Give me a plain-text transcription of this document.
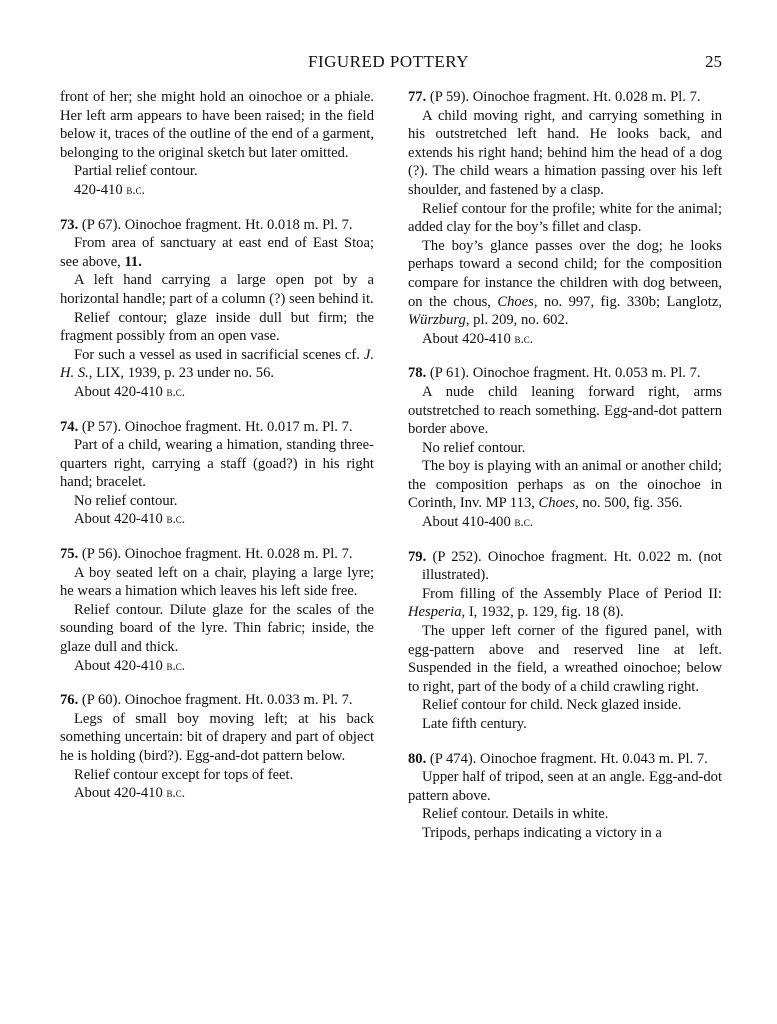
FIGURED POTTERY	25

front of her; she might hold an oinochoe or a phiale. Her left arm appears to have been raised; in the field below it, traces of the outline of the end of a garment, belonging to the original sketch but later omitted.

Partial relief contour.

420-410 b.c.

73. (P 67). Oinochoe fragment. Ht. 0.018 m. Pl. 7.

From area of sanctuary at east end of East Stoa; see above, 11.

A left hand carrying a large open pot by a horizontal handle; part of a column (?) seen behind it.

Relief contour; glaze inside dull but firm; the fragment possibly from an open vase.

For such a vessel as used in sacrificial scenes cf. J. H. S., LIX, 1939, p. 23 under no. 56.

About 420-410 b.c.

74. (P 57). Oinochoe fragment. Ht. 0.017 m. Pl. 7.

Part of a child, wearing a himation, standing three-quarters right, carrying a staff (goad?) in his right hand; bracelet.

No relief contour.

About 420-410 b.c.

75. (P 56). Oinochoe fragment. Ht. 0.028 m. Pl. 7.

A boy seated left on a chair, playing a large lyre; he wears a himation which leaves his left side free.

Relief contour. Dilute glaze for the scales of the sounding board of the lyre. Thin fabric; inside, the glaze dull and thick.

About 420-410 b.c.

76. (P 60). Oinochoe fragment. Ht. 0.033 m. Pl. 7.

Legs of small boy moving left; at his back something uncertain: bit of drapery and part of object he is holding (bird?). Egg-and-dot pattern below.

Relief contour except for tops of feet.

About 420-410 b.c.

77. (P 59). Oinochoe fragment. Ht. 0.028 m. Pl. 7.

A child moving right, and carrying something in his outstretched left hand. He looks back, and extends his right hand; behind him the head of a dog (?). The child wears a himation passing over his left shoulder, and fastened by a clasp.

Relief contour for the profile; white for the animal; added clay for the boy’s fillet and clasp.

The boy’s glance passes over the dog; he looks perhaps toward a second child; for the composition compare for instance the children with dog between, on the chous, Choes, no. 997, fig. 330b; Langlotz, Würzburg, pl. 209, no. 602.

About 420-410 b.c.

78. (P 61). Oinochoe fragment. Ht. 0.053 m. Pl. 7.

A nude child leaning forward right, arms outstretched to reach something. Egg-and-dot pattern border above.

No relief contour.

The boy is playing with an animal or another child; the composition perhaps as on the oinochoe in Corinth, Inv. MP 113, Choes, no. 500, fig. 356.

About 410-400 b.c.

79. (P 252). Oinochoe fragment. Ht. 0.022 m. (not illustrated).

From filling of the Assembly Place of Period II: Hesperia, I, 1932, p. 129, fig. 18 (8).

The upper left corner of the figured panel, with egg-pattern above and reserved line at left. Suspended in the field, a wreathed oinochoe; below to right, part of the body of a child crawling right.

Relief contour for child. Neck glazed inside.

Late fifth century.

80. (P 474). Oinochoe fragment. Ht. 0.043 m. Pl. 7.

Upper half of tripod, seen at an angle. Egg-and-dot pattern above.

Relief contour. Details in white.

Tripods, perhaps indicating a victory in a
